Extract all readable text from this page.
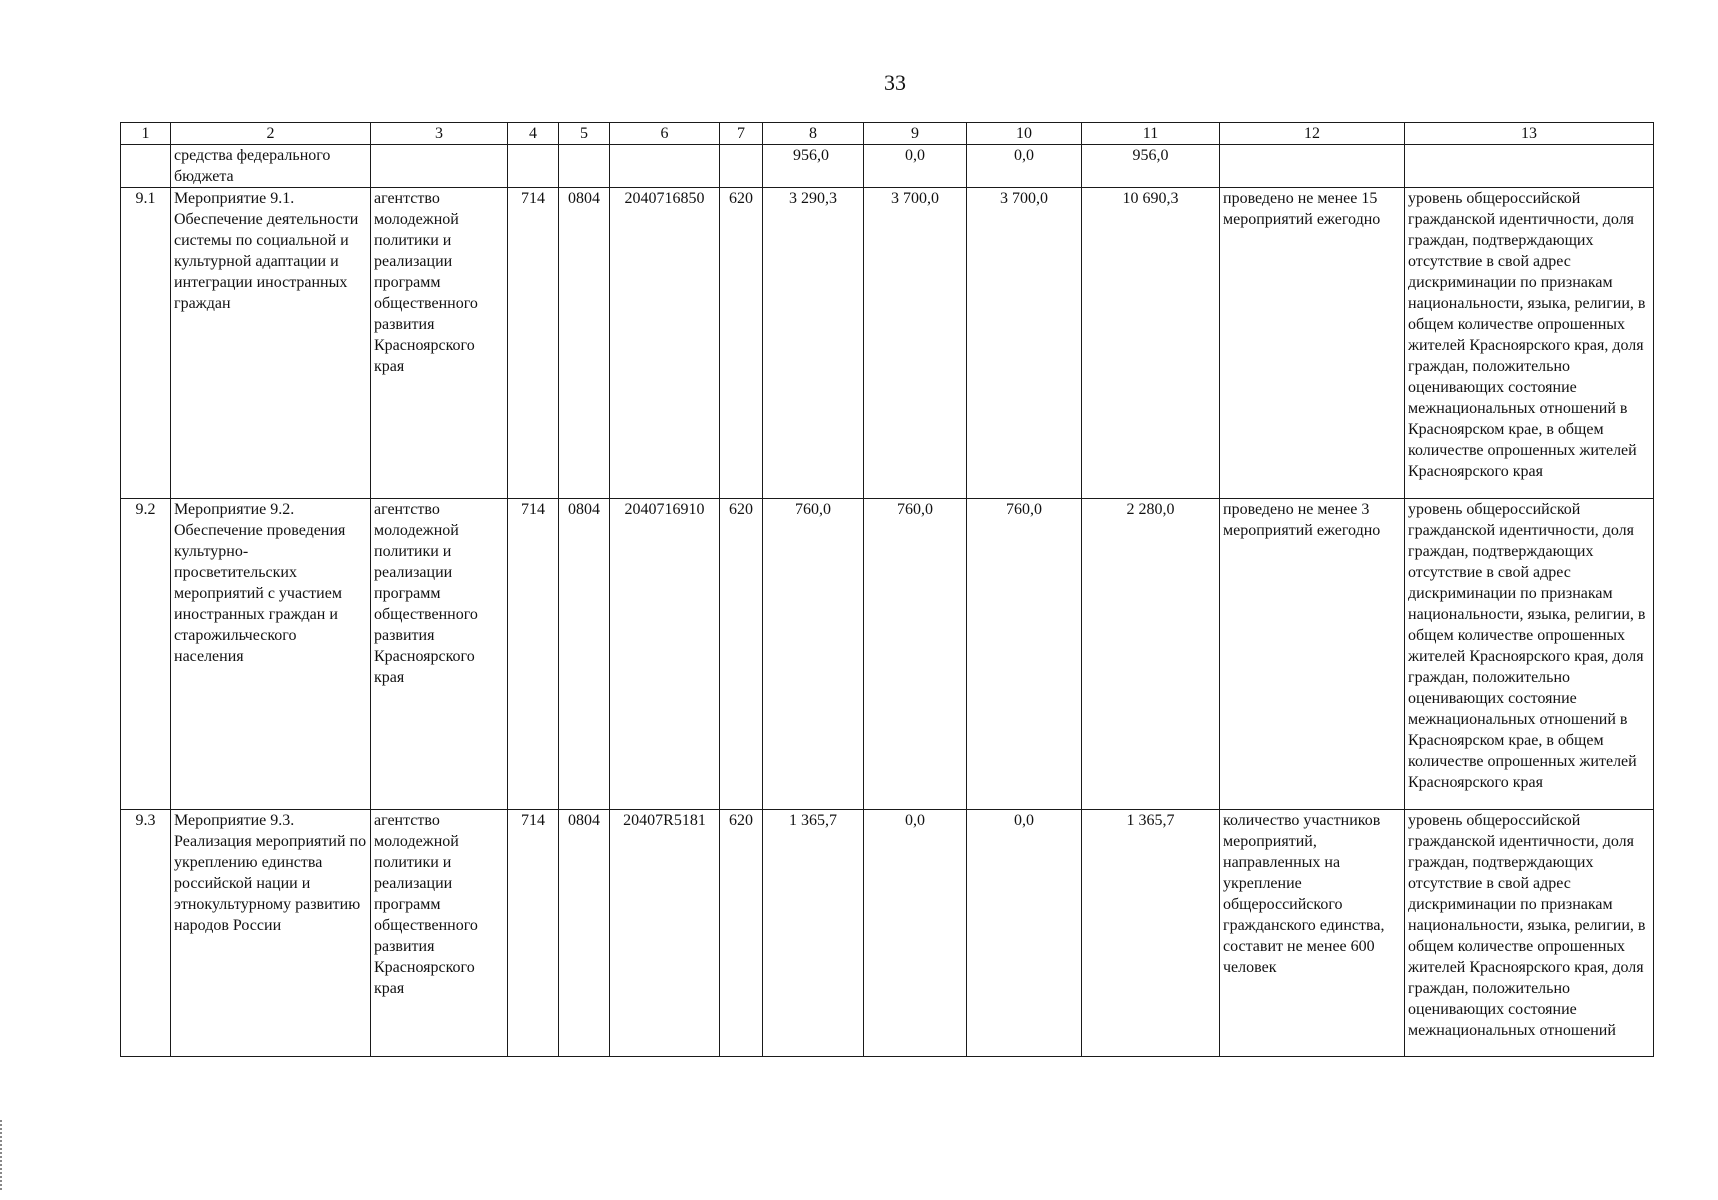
33
1	2	3	4	5	6	7	8	9	10	11	12	13
	средства федерального бюджета						956,0	0,0	0,0	956,0		
9.1	Мероприятие 9.1. Обеспечение деятельности системы по социальной и культурной адаптации и интеграции иностранных граждан	агентство молодежной политики и реализации программ общественного развития Красноярского края	714	0804	2040716850	620	3 290,3	3 700,0	3 700,0	10 690,3	проведено не менее 15 мероприятий ежегодно	уровень общероссийской гражданской идентичности, доля граждан, подтверждающих отсутствие в свой адрес дискриминации по признакам национальности, языка, религии, в общем количестве опрошенных жителей Красноярского края, доля граждан, положительно оценивающих состояние межнациональных отношений в Красноярском крае, в общем количестве опрошенных жителей Красноярского края
9.2	Мероприятие 9.2. Обеспечение проведения культурно-просветительских мероприятий с участием иностранных граждан и старожильческого населения	агентство молодежной политики и реализации программ общественного развития Красноярского края	714	0804	2040716910	620	760,0	760,0	760,0	2 280,0	проведено не менее 3 мероприятий ежегодно	уровень общероссийской гражданской идентичности, доля граждан, подтверждающих отсутствие в свой адрес дискриминации по признакам национальности, языка, религии, в общем количестве опрошенных жителей Красноярского края, доля граждан, положительно оценивающих состояние межнациональных отношений в Красноярском крае, в общем количестве опрошенных жителей Красноярского края
9.3	Мероприятие 9.3. Реализация мероприятий по укреплению единства российской нации и этнокультурному развитию народов России	агентство молодежной политики и реализации программ общественного развития Красноярского края	714	0804	20407R5181	620	1 365,7	0,0	0,0	1 365,7	количество участников мероприятий, направленных на укрепление общероссийского гражданского единства, составит не менее 600 человек	уровень общероссийской гражданской идентичности, доля граждан, подтверждающих отсутствие в свой адрес дискриминации по признакам национальности, языка, религии, в общем количестве опрошенных жителей Красноярского края, доля граждан, положительно оценивающих состояние межнациональных отношений
